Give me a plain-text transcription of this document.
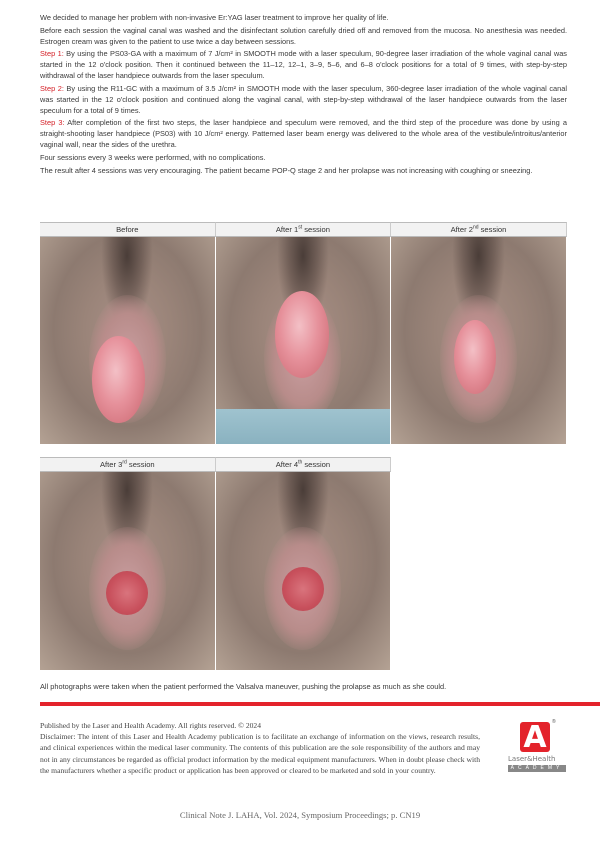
We decided to manage her problem with non-invasive Er:YAG laser treatment to improve her quality of life.

Before each session the vaginal canal was washed and the disinfectant solution carefully dried off and removed from the mucosa. No anesthesia was needed. Estrogen cream was given to the patient to use twice a day between sessions.

Step 1: By using the PS03-GA with a maximum of 7 J/cm² in SMOOTH mode with a laser speculum, 90-degree laser irradiation of the whole vaginal canal was started in the 12 o'clock position. Then it continued between the 11–12, 12–1, 3–9, 5–6, and 6–8 o'clock positions for a total of 9 times, with step-by-step withdrawal of the laser handpiece outwards from the laser speculum.

Step 2: By using the R11-GC with a maximum of 3.5 J/cm² in SMOOTH mode with the laser speculum, 360-degree laser irradiation of the whole vaginal canal was started in the 12 o'clock position and continued along the vaginal canal, with step-by-step withdrawal of the laser handpiece outwards from the laser speculum for a total of 9 times.

Step 3: After completion of the first two steps, the laser handpiece and speculum were removed, and the third step of the procedure was done by using a straight-shooting laser handpiece (PS03) with 10 J/cm² energy. Patterned laser beam energy was delivered to the whole area of the vestibule/introitus/anterior vaginal wall, near the sides of the urethra.

Four sessions every 3 weeks were performed, with no complications.

The result after 4 sessions was very encouraging. The patient became POP-Q stage 2 and her prolapse was not increasing with coughing or sneezing.

Before	After 1st session	After 2nd session
After 3rd session	After 4th session
All photographs were taken when the patient performed the Valsalva maneuver, pushing the prolapse as much as she could.

Published by the Laser and Health Academy. All rights reserved. © 2024

Disclaimer: The intent of this Laser and Health Academy publication is to facilitate an exchange of information on the views, research results, and clinical experiences within the medical laser community. The contents of this publication are the sole responsibility of the authors and may not in any circumstances be regarded as official product information by the medical equipment manufacturers. When in doubt please check with the manufacturers whether a specific product or application has been approved or cleared to be marketed and sold in your country.

A	®
Laser&Health
ACADEMY
Clinical Note J. LAHA, Vol. 2024, Symposium Proceedings; p. CN19
